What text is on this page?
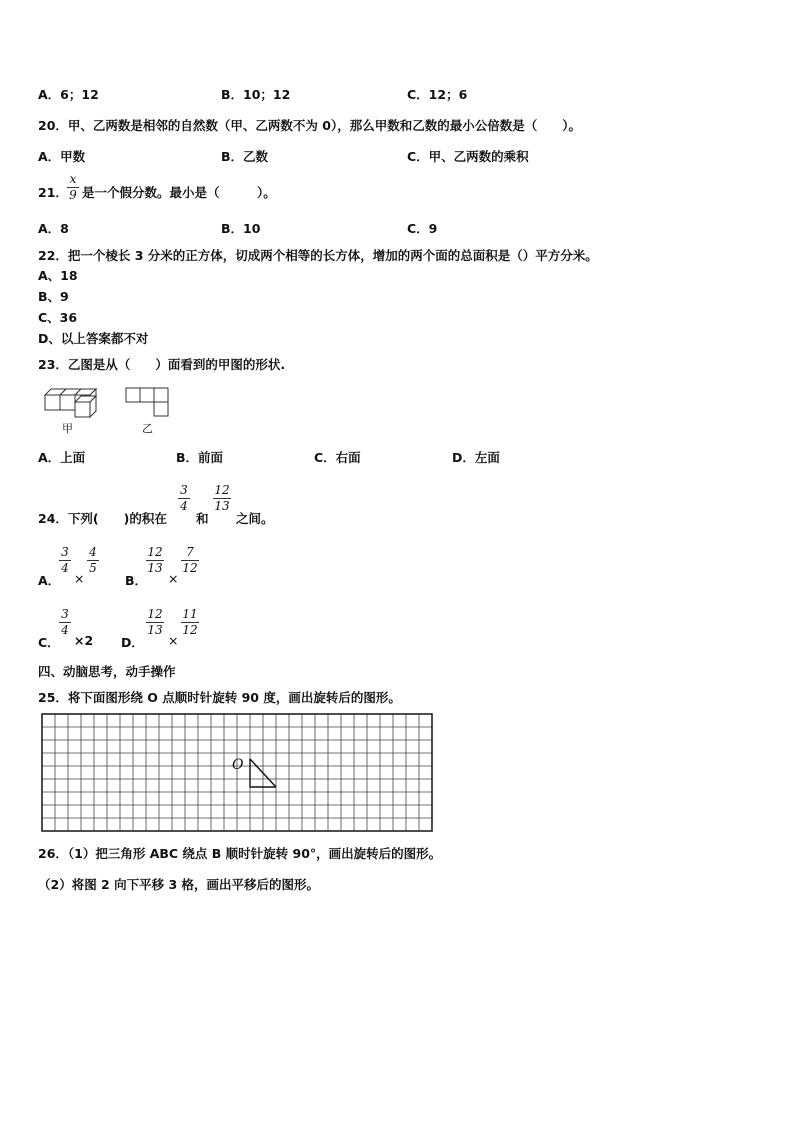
A．6；12	B．10；12	C．12；6
20．甲、乙两数是相邻的自然数（甲、乙两数不为 0），那么甲数和乙数的最小公倍数是（　　）。
A．甲数	B．乙数	C．甲、乙两数的乘积
21．
x
9 是一个假分数。最小是（　　　）。
A．8	B．10	C．9
22．把一个棱长 3 分米的正方体，切成两个相等的长方体，增加的两个面的总面积是（）平方分米。
A、18
B、9
C、36
D、以上答案都不对
23．乙图是从（　　）面看到的甲图的形状.
甲	乙
A．上面	B．前面	C．右面	D．左面
24．下列(　　)的积在
3
4
和
12
13
之间。
A．
3
4
×
4
5
B．
12
13
×
7
12
C．
3
4
×2 D．
12
13
×
11
12
四、动脑思考，动手操作
25．将下面图形绕 O 点顺时针旋转 90 度，画出旋转后的图形。
O
26．（1）把三角形 ABC 绕点 B 顺时针旋转 90°，画出旋转后的图形。
（2）将图 2 向下平移 3 格，画出平移后的图形。
